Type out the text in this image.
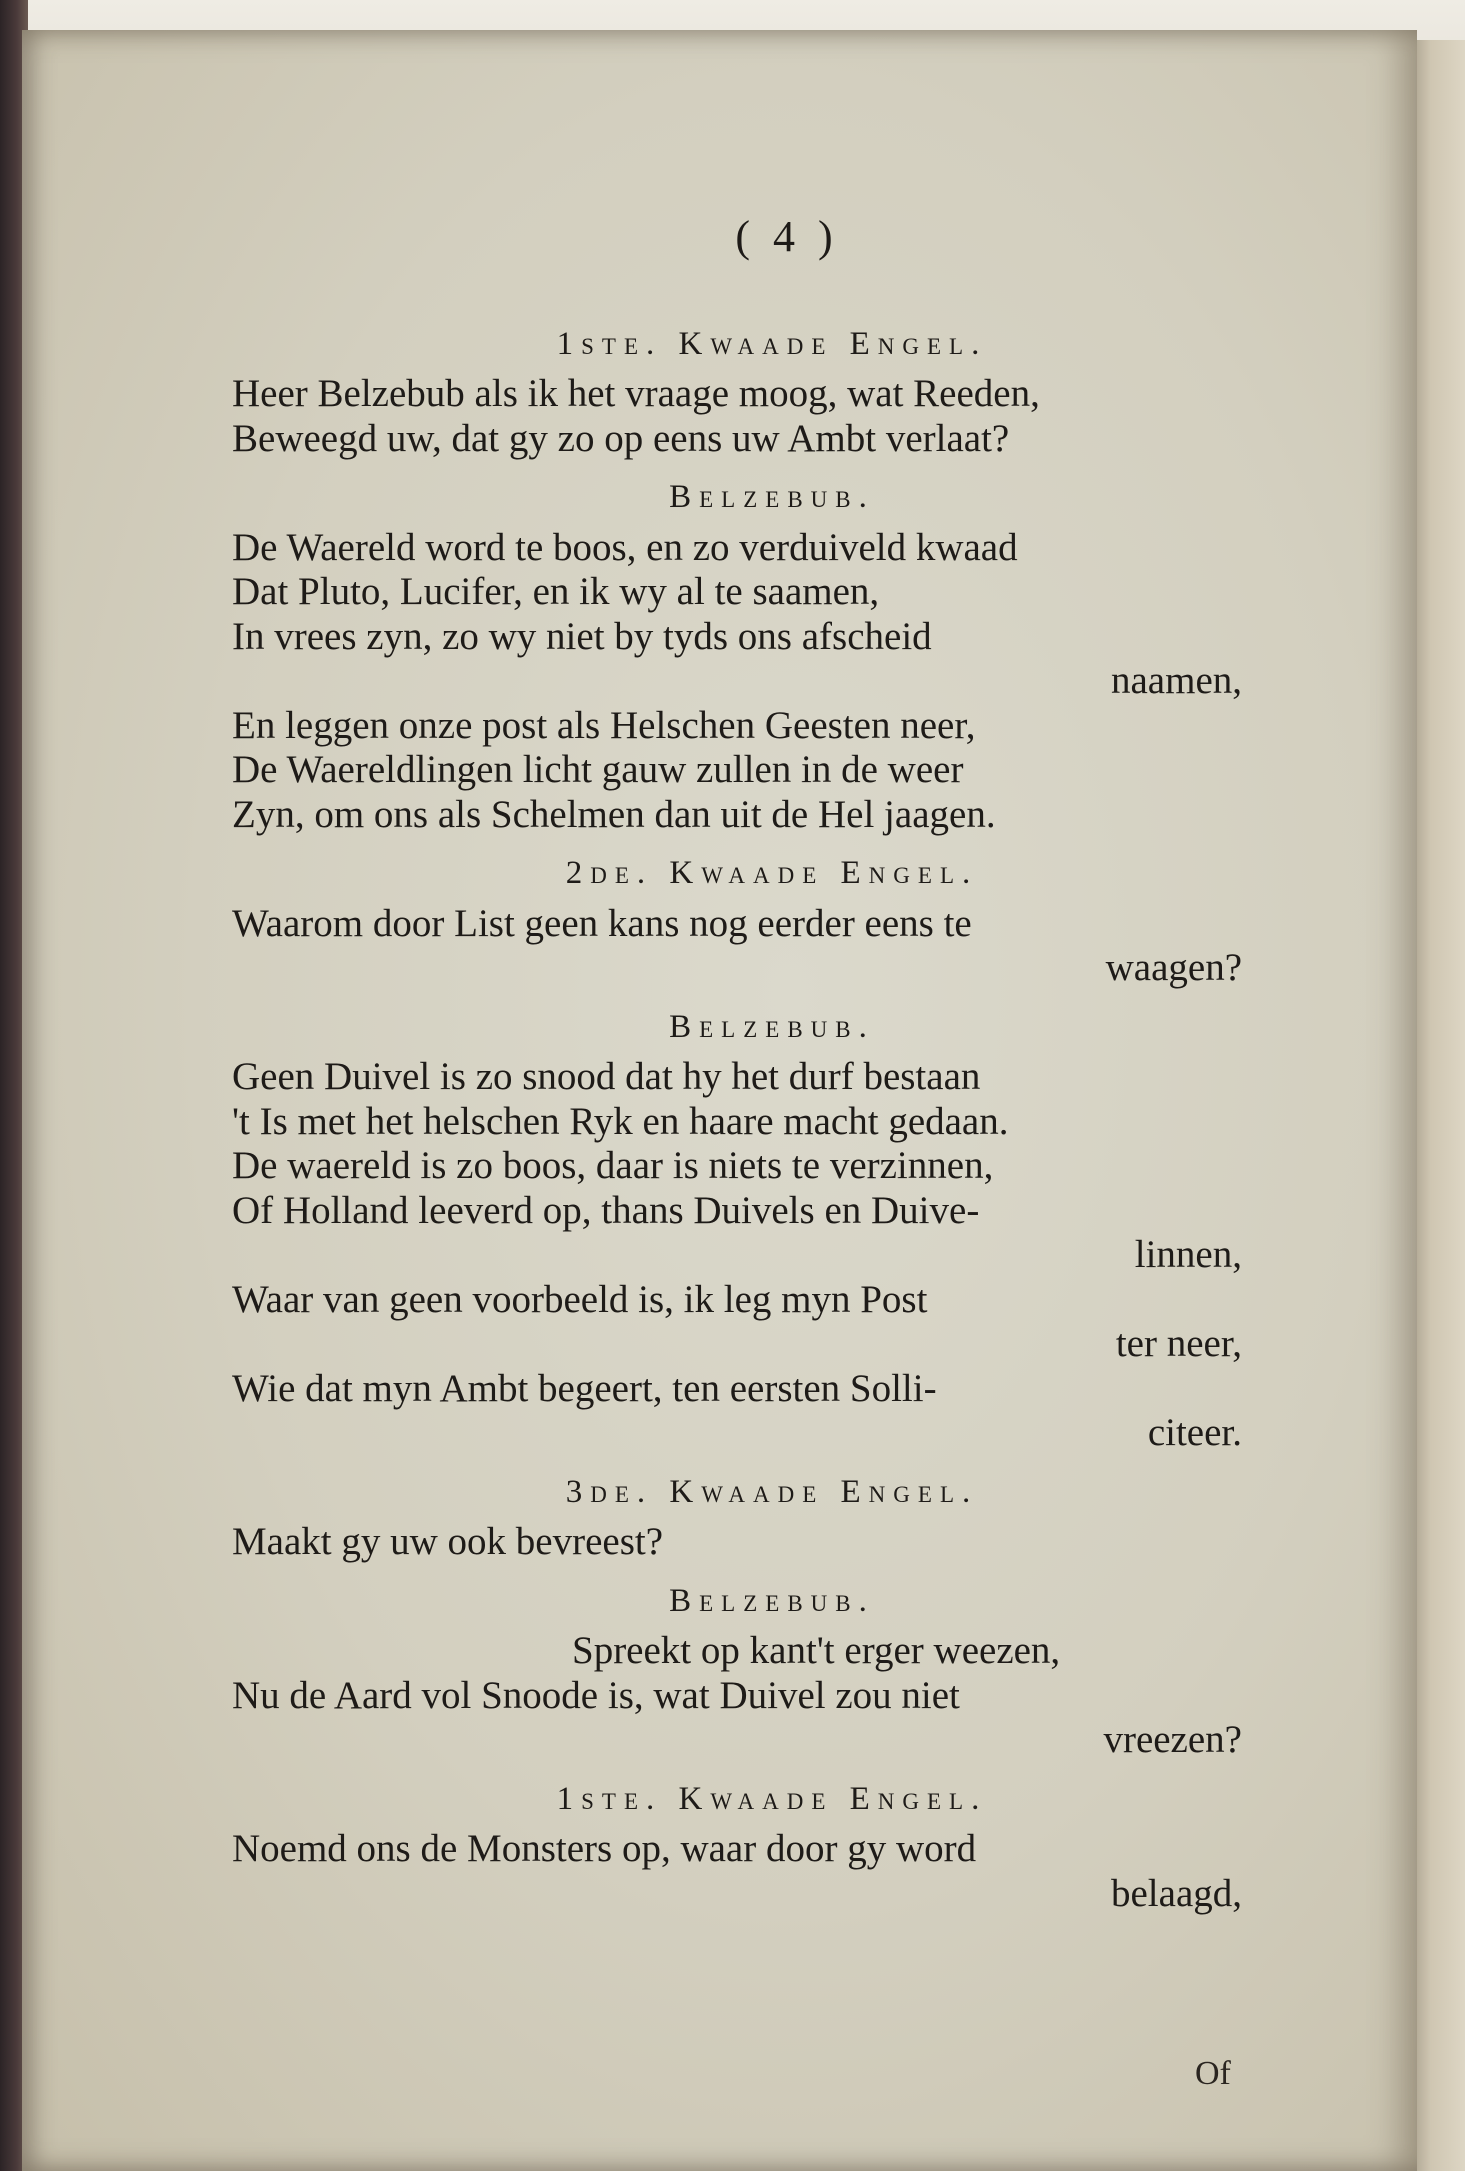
( 4 )
1ste. Kwaade Engel.
Heer Belzebub als ik het vraage moog, wat Reeden,
Beweegd uw, dat gy zo op eens uw Ambt verlaat?
Belzebub.
De Waereld word te boos, en zo verduiveld kwaad
Dat Pluto, Lucifer, en ik wy al te saamen,
In vrees zyn, zo wy niet by tyds ons afscheid
naamen,
En leggen onze post als Helschen Geesten neer,
De Waereldlingen licht gauw zullen in de weer
Zyn, om ons als Schelmen dan uit de Hel jaagen.
2de. Kwaade Engel.
Waarom door List geen kans nog eerder eens te
waagen?
Belzebub.
Geen Duivel is zo snood dat hy het durf bestaan
't Is met het helschen Ryk en haare macht gedaan.
De waereld is zo boos, daar is niets te verzinnen,
Of Holland leeverd op, thans Duivels en Duive-
linnen,
Waar van geen voorbeeld is, ik leg myn Post
ter neer,
Wie dat myn Ambt begeert, ten eersten Solli-
citeer.
3de. Kwaade Engel.
Maakt gy uw ook bevreest?
Belzebub.
Spreekt op kant't erger weezen,
Nu de Aard vol Snoode is, wat Duivel zou niet
vreezen?
1ste. Kwaade Engel.
Noemd ons de Monsters op, waar door gy word
belaagd,
Of
